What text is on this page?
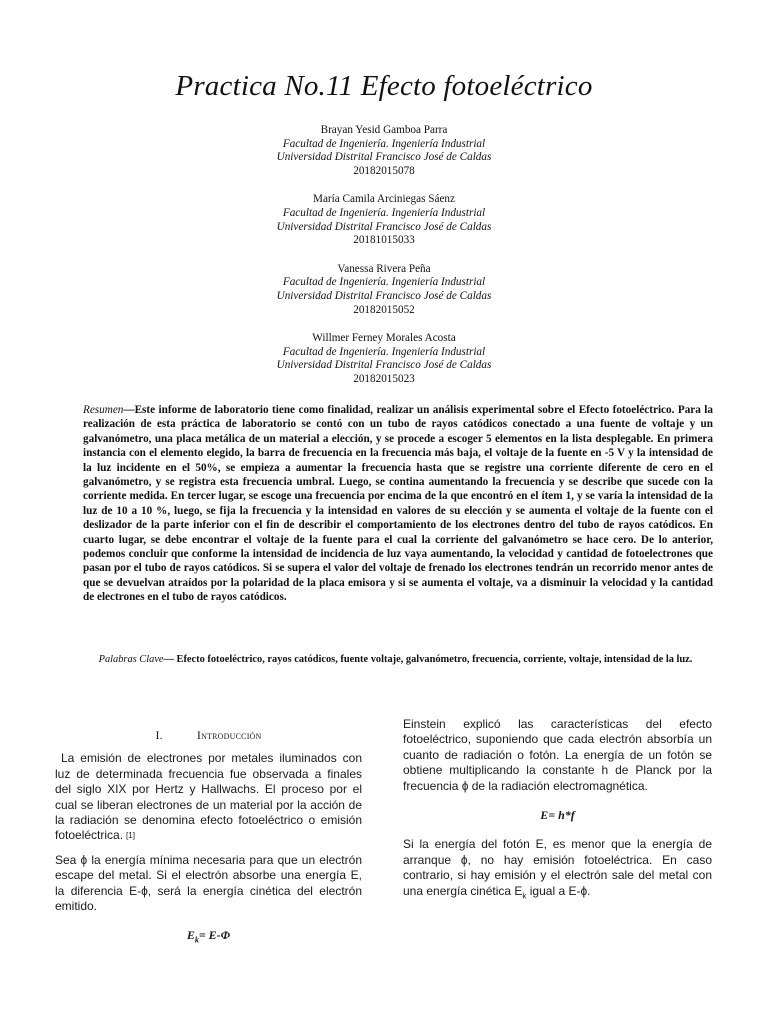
Practica No.11 Efecto fotoeléctrico
Brayan Yesid Gamboa Parra
Facultad de Ingeniería. Ingeniería Industrial
Universidad Distrital Francisco José de Caldas
20182015078
María Camila Arciniegas Sáenz
Facultad de Ingeniería. Ingeniería Industrial
Universidad Distrital Francisco José de Caldas
20181015033
Vanessa Rivera Peña
Facultad de Ingeniería. Ingeniería Industrial
Universidad Distrital Francisco José de Caldas
20182015052
Willmer Ferney Morales Acosta
Facultad de Ingeniería. Ingeniería Industrial
Universidad Distrital Francisco José de Caldas
20182015023
Resumen—Este informe de laboratorio tiene como finalidad, realizar un análisis experimental sobre el Efecto fotoeléctrico. Para la realización de esta práctica de laboratorio se contó con un tubo de rayos catódicos conectado a una fuente de voltaje y un galvanómetro, una placa metálica de un material a elección, y se procede a escoger 5 elementos en la lista desplegable. En primera instancia con el elemento elegido, la barra de frecuencia en la frecuencia más baja, el voltaje de la fuente en -5 V y la intensidad de la luz incidente en el 50%, se empieza a aumentar la frecuencia hasta que se registre una corriente diferente de cero en el galvanómetro, y se registra esta frecuencia umbral. Luego, se contina aumentando la frecuencia y se describe que sucede con la corriente medida. En tercer lugar, se escoge una frecuencia por encima de la que encontró en el ítem 1, y se varía la intensidad de la luz de 10 a 10 %, luego, se fija la frecuencia y la intensidad en valores de su elección y se aumenta el voltaje de la fuente con el deslizador de la parte inferior con el fin de describir el comportamiento de los electrones dentro del tubo de rayos catódicos. En cuarto lugar, se debe encontrar el voltaje de la fuente para el cual la corriente del galvanómetro se hace cero. De lo anterior, podemos concluir que conforme la intensidad de incidencia de luz vaya aumentando, la velocidad y cantidad de fotoelectrones que pasan por el tubo de rayos catódicos. Si se supera el valor del voltaje de frenado los electrones tendrán un recorrido menor antes de que se devuelvan atraídos por la polaridad de la placa emisora y si se aumenta el voltaje, va a disminuir la velocidad y la cantidad de electrones en el tubo de rayos catódicos.
Palabras Clave— Efecto fotoeléctrico, rayos catódicos, fuente voltaje, galvanómetro, frecuencia, corriente, voltaje, intensidad de la luz.
I.	Introducción

La emisión de electrones por metales iluminados con luz de determinada frecuencia fue observada a finales del siglo XIX por Hertz y Hallwachs. El proceso por el cual se liberan electrones de un material por la acción de la radiación se denomina efecto fotoeléctrico o emisión fotoeléctrica. [1]

Sea ϕ la energía mínima necesaria para que un electrón escape del metal. Si el electrón absorbe una energía E, la diferencia E-ϕ, será la energía cinética del electrón emitido.

$E_k= E-\Phi$

Einstein explicó las características del efecto fotoeléctrico, suponiendo que cada electrón absorbía un cuanto de radiación o fotón. La energía de un fotón se obtiene multiplicando la constante h de Planck por la frecuencia ϕ de la radiación electromagnética.

E= h*f

Si la energía del fotón E, es menor que la energía de arranque ϕ, no hay emisión fotoeléctrica. En caso contrario, si hay emisión y el electrón sale del metal con una energía cinética $E_k$ igual a E-ϕ.
